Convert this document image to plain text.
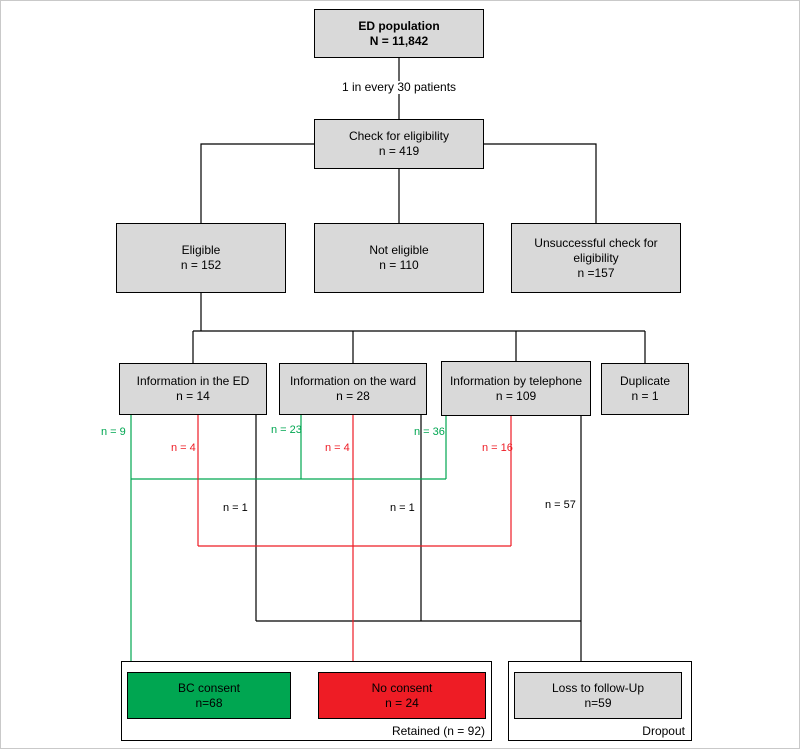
ED population
N = 11,842
1 in every 30 patients
Check for eligibility
n = 419
Eligible
n = 152
Not eligible
n = 110
Unsuccessful check for eligibility
n =157
Information in the ED
n = 14
Information on the ward
n = 28
Information by telephone
n = 109
Duplicate
n = 1
n = 9
n = 4
n = 23
n = 4
n = 36
n = 16
n = 1	n = 1	n = 57
Retained (n = 92)
BC consent
n=68
No consent
n = 24
Dropout
Loss to follow-Up
n=59
